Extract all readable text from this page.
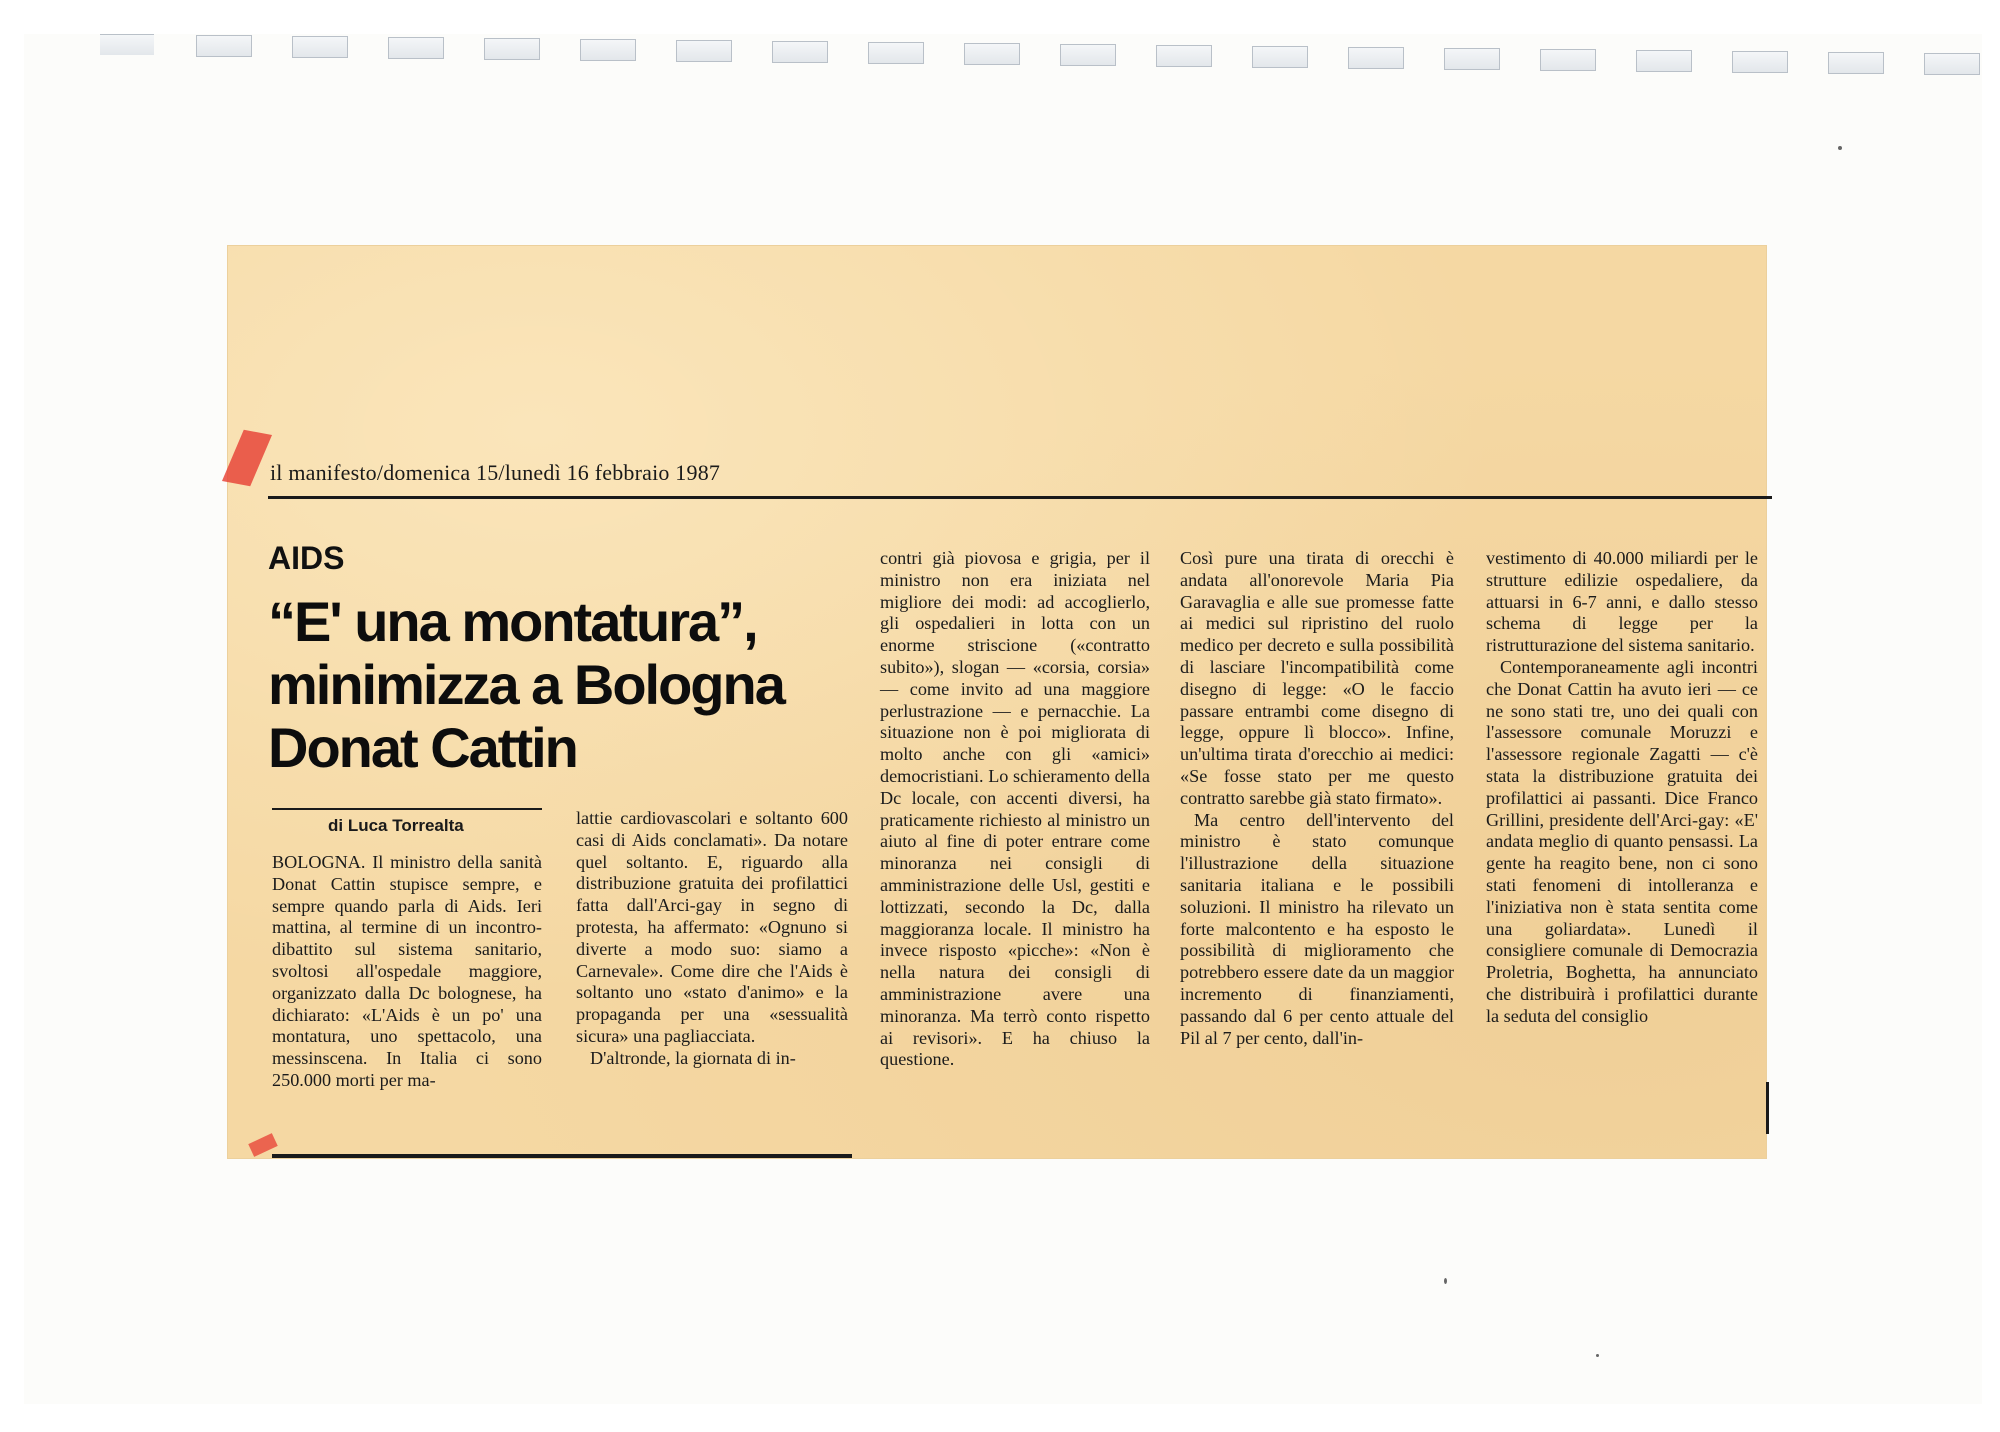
il manifesto/domenica 15/lunedì 16 febbraio 1987
AIDS
“E' una montatura”, minimizza a Bologna Donat Cattin
di Luca Torrealta

BOLOGNA. Il ministro della sanità Donat Cattin stupisce sempre, e sempre quando parla di Aids. Ieri mattina, al termine di un incontro-dibattito sul sistema sanitario, svoltosi all'ospedale maggiore, organizzato dalla Dc bolognese, ha dichiarato: «L'Aids è un po' una montatura, uno spettacolo, una messinscena. In Italia ci sono 250.000 morti per ma-

lattie cardiovascolari e soltanto 600 casi di Aids conclamati». Da notare quel soltanto. E, riguardo alla distribuzione gratuita dei profilattici fatta dall'Arci-gay in segno di protesta, ha affermato: «Ognuno si diverte a modo suo: siamo a Carnevale». Come dire che l'Aids è soltanto uno «stato d'animo» e la propaganda per una «sessualità sicura» una pagliacciata.

D'altronde, la giornata di in-

contri già piovosa e grigia, per il ministro non era iniziata nel migliore dei modi: ad accoglierlo, gli ospedalieri in lotta con un enorme striscione («contratto subito»), slogan — «corsia, corsia» — come invito ad una maggiore perlustrazione — e pernacchie. La situazione non è poi migliorata di molto anche con gli «amici» democristiani. Lo schieramento della Dc locale, con accenti diversi, ha praticamente richiesto al ministro un aiuto al fine di poter entrare come minoranza nei consigli di amministrazione delle Usl, gestiti e lottizzati, secondo la Dc, dalla maggioranza locale. Il ministro ha invece risposto «picche»: «Non è nella natura dei consigli di amministrazione avere una minoranza. Ma terrò conto rispetto ai revisori». E ha chiuso la questione.

Così pure una tirata di orecchi è andata all'onorevole Maria Pia Garavaglia e alle sue promesse fatte ai medici sul ripristino del ruolo medico per decreto e sulla possibilità di lasciare l'incompatibilità come disegno di legge: «O le faccio passare entrambi come disegno di legge, oppure lì blocco». Infine, un'ultima tirata d'orecchio ai medici: «Se fosse stato per me questo contratto sarebbe già stato firmato».

Ma centro dell'intervento del ministro è stato comunque l'illustrazione della situazione sanitaria italiana e le possibili soluzioni. Il ministro ha rilevato un forte malcontento e ha esposto le possibilità di miglioramento che potrebbero essere date da un maggior incremento di finanziamenti, passando dal 6 per cento attuale del Pil al 7 per cento, dall'in-

vestimento di 40.000 miliardi per le strutture edilizie ospedaliere, da attuarsi in 6-7 anni, e dallo stesso schema di legge per la ristrutturazione del sistema sanitario.

Contemporaneamente agli incontri che Donat Cattin ha avuto ieri — ce ne sono stati tre, uno dei quali con l'assessore comunale Moruzzi e l'assessore regionale Zagatti — c'è stata la distribuzione gratuita dei profilattici ai passanti. Dice Franco Grillini, presidente dell'Arci-gay: «E' andata meglio di quanto pensassi. La gente ha reagito bene, non ci sono stati fenomeni di intolleranza e l'iniziativa non è stata sentita come una goliardata». Lunedì il consigliere comunale di Democrazia Proletria, Boghetta, ha annunciato che distribuirà i profilattici durante la seduta del consiglio
